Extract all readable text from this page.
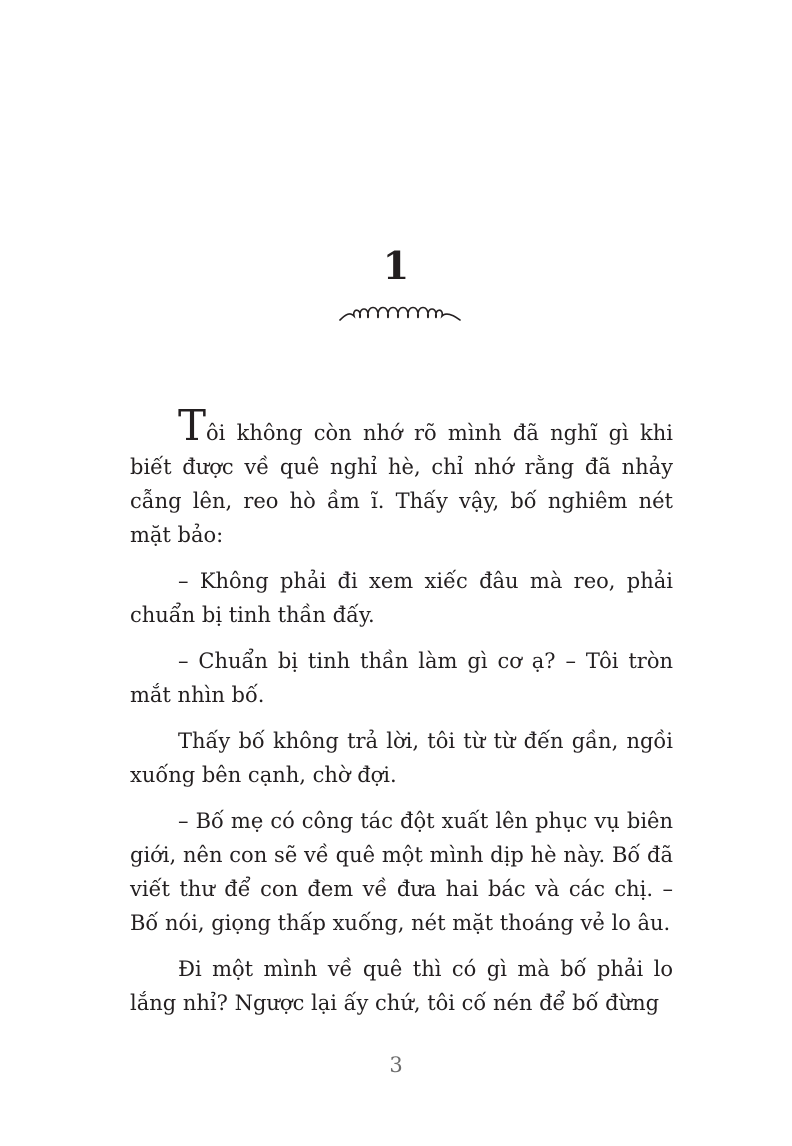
1

Tôi không còn nhớ rõ mình đã nghĩ gì khi biết được về quê nghỉ hè, chỉ nhớ rằng đã nhảy cẫng lên, reo hò ầm ĩ. Thấy vậy, bố nghiêm nét mặt bảo:

– Không phải đi xem xiếc đâu mà reo, phải chuẩn bị tinh thần đấy.

– Chuẩn bị tinh thần làm gì cơ ạ? – Tôi tròn mắt nhìn bố.

Thấy bố không trả lời, tôi từ từ đến gần, ngồi xuống bên cạnh, chờ đợi.

– Bố mẹ có công tác đột xuất lên phục vụ biên giới, nên con sẽ về quê một mình dịp hè này. Bố đã viết thư để con đem về đưa hai bác và các chị. – Bố nói, giọng thấp xuống, nét mặt thoáng vẻ lo âu.

Đi một mình về quê thì có gì mà bố phải lo lắng nhỉ? Ngược lại ấy chứ, tôi cố nén để bố đừng

3
